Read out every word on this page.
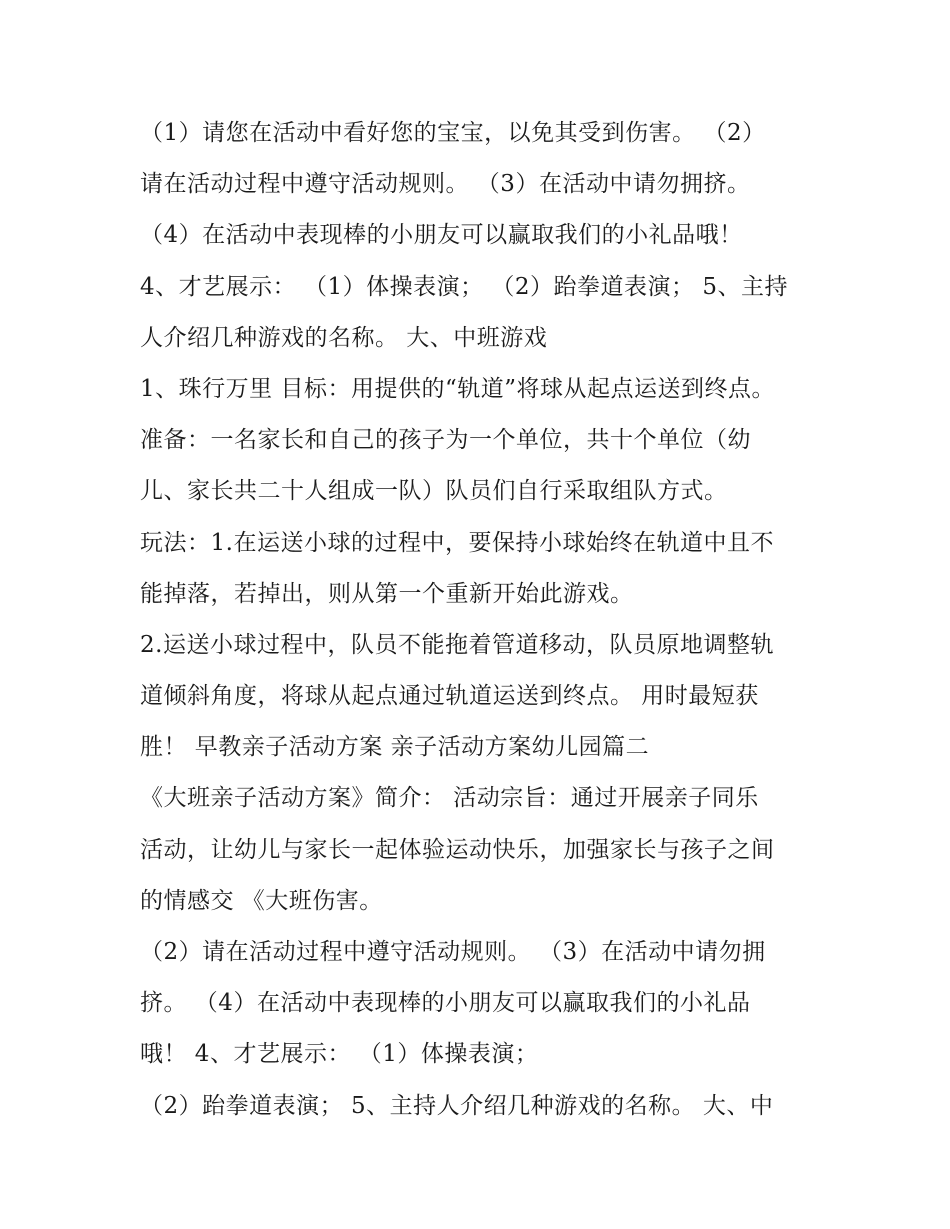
（1）请您在活动中看好您的宝宝，以免其受到伤害。 （2）
请在活动过程中遵守活动规则。 （3）在活动中请勿拥挤。
（4）在活动中表现棒的小朋友可以赢取我们的小礼品哦！
4、才艺展示： （1）体操表演； （2）跆拳道表演； 5、主持
人介绍几种游戏的名称。 大、中班游戏
1、珠行万里 目标：用提供的“轨道”将球从起点运送到终点。
准备：一名家长和自己的孩子为一个单位，共十个单位（幼
儿、家长共二十人组成一队）队员们自行采取组队方式。
玩法：1.在运送小球的过程中，要保持小球始终在轨道中且不
能掉落，若掉出，则从第一个重新开始此游戏。
2.运送小球过程中，队员不能拖着管道移动，队员原地调整轨
道倾斜角度，将球从起点通过轨道运送到终点。 用时最短获
胜！ 早教亲子活动方案 亲子活动方案幼儿园篇二
《大班亲子活动方案》简介： 活动宗旨：通过开展亲子同乐
活动，让幼儿与家长一起体验运动快乐，加强家长与孩子之间
的情感交 《大班伤害。
（2）请在活动过程中遵守活动规则。 （3）在活动中请勿拥
挤。 （4）在活动中表现棒的小朋友可以赢取我们的小礼品
哦！ 4、才艺展示： （1）体操表演；
（2）跆拳道表演； 5、主持人介绍几种游戏的名称。 大、中
